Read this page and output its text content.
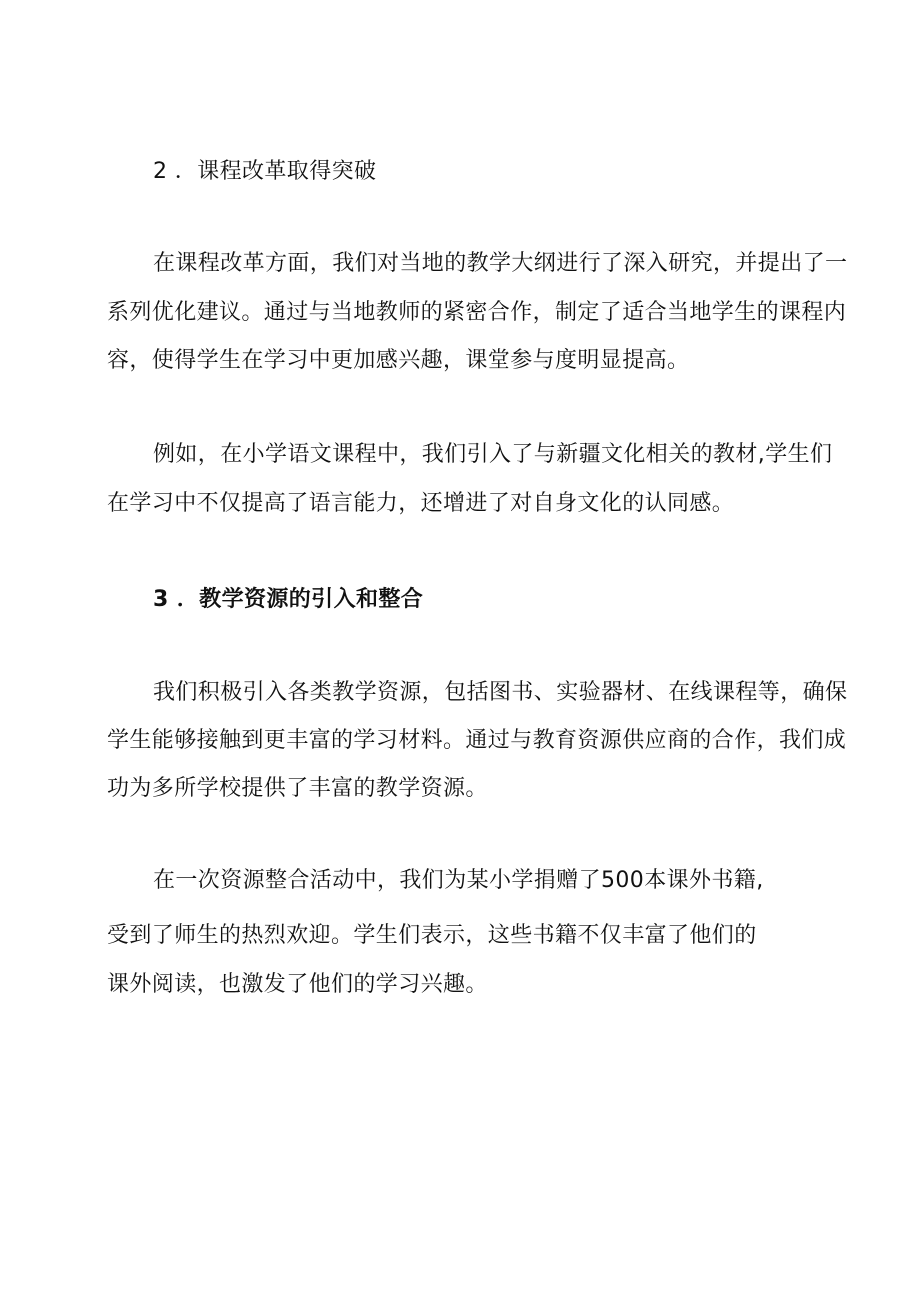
2 ．课程改革取得突破
在课程改革方面，我们对当地的教学大纲进行了深入研究，并提出了一
系列优化建议。通过与当地教师的紧密合作，制定了适合当地学生的课程内
容，使得学生在学习中更加感兴趣，课堂参与度明显提高。
例如，在小学语文课程中，我们引入了与新疆文化相关的教材,学生们
在学习中不仅提高了语言能力，还增进了对自身文化的认同感。
3 ．教学资源的引入和整合
我们积极引入各类教学资源，包括图书、实验器材、在线课程等，确保
学生能够接触到更丰富的学习材料。通过与教育资源供应商的合作，我们成
功为多所学校提供了丰富的教学资源。
在一次资源整合活动中，我们为某小学捐赠了500本课外书籍,
受到了师生的热烈欢迎。学生们表示，这些书籍不仅丰富了他们的
课外阅读，也激发了他们的学习兴趣。
